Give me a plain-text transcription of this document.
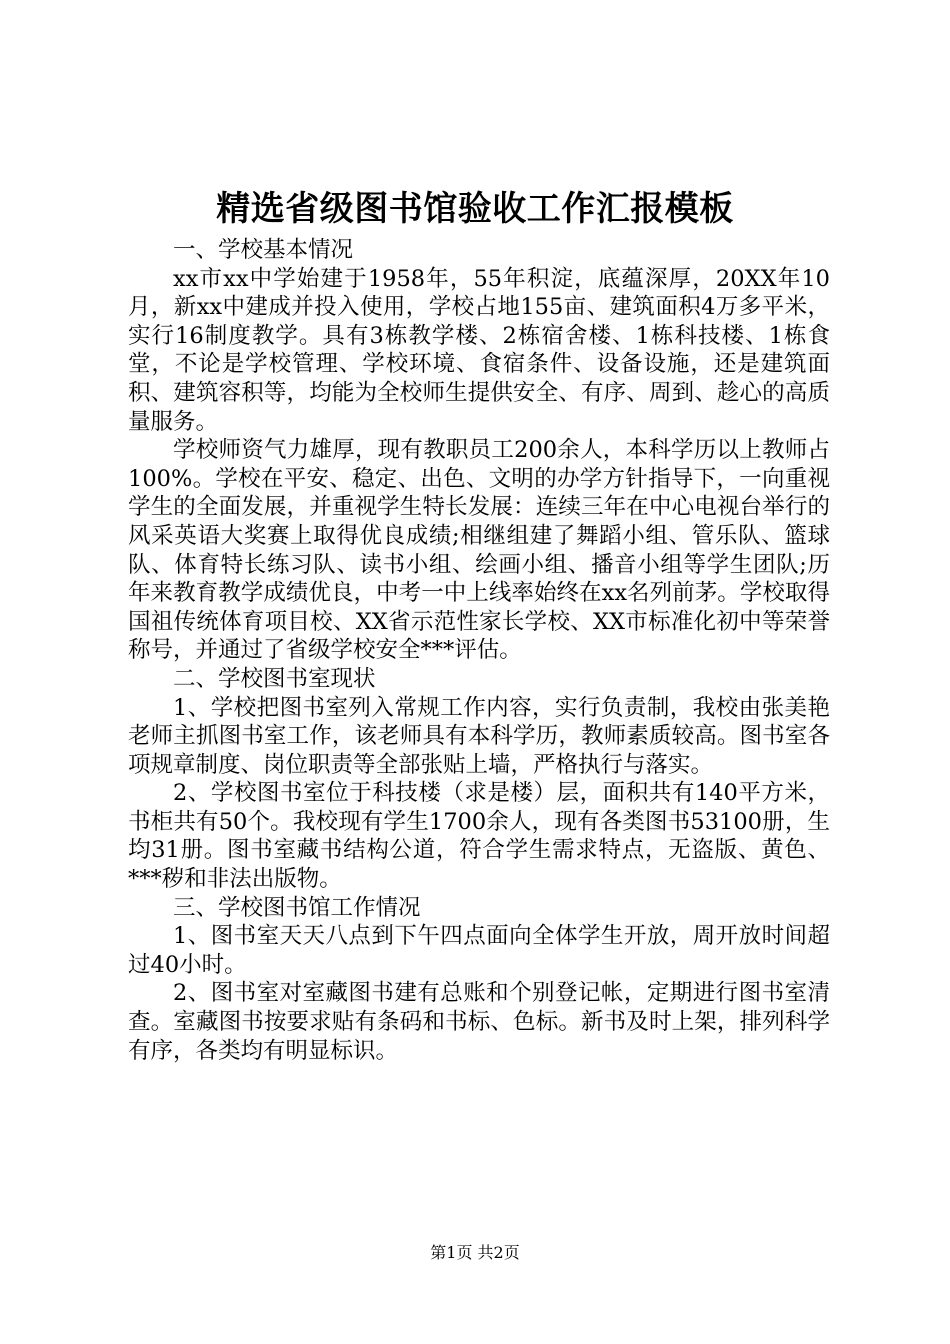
精选省级图书馆验收工作汇报模板

一、学校基本情况

xx市xx中学始建于1958年，55年积淀，底蕴深厚，20XX年10月，新xx中建成并投入使用，学校占地155亩、建筑面积4万多平米，实行16制度教学。具有3栋教学楼、2栋宿舍楼、1栋科技楼、1栋食堂，不论是学校管理、学校环境、食宿条件、设备设施，还是建筑面积、建筑容积等，均能为全校师生提供安全、有序、周到、趁心的高质量服务。

学校师资气力雄厚，现有教职员工200余人，本科学历以上教师占100%。学校在平安、稳定、出色、文明的办学方针指导下，一向重视学生的全面发展，并重视学生特长发展：连续三年在中心电视台举行的风采英语大奖赛上取得优良成绩;相继组建了舞蹈小组、管乐队、篮球队、体育特长练习队、读书小组、绘画小组、播音小组等学生团队;历年来教育教学成绩优良，中考一中上线率始终在xx名列前茅。学校取得国祖传统体育项目校、XX省示范性家长学校、XX市标准化初中等荣誉称号，并通过了省级学校安全***评估。

二、学校图书室现状

1、学校把图书室列入常规工作内容，实行负责制，我校由张美艳老师主抓图书室工作，该老师具有本科学历，教师素质较高。图书室各项规章制度、岗位职责等全部张贴上墙，严格执行与落实。

2、学校图书室位于科技楼（求是楼）层，面积共有140平方米，书柜共有50个。我校现有学生1700余人，现有各类图书53100册，生均31册。图书室藏书结构公道，符合学生需求特点，无盗版、黄色、***秽和非法出版物。

三、学校图书馆工作情况

1、图书室天天八点到下午四点面向全体学生开放，周开放时间超过40小时。

2、图书室对室藏图书建有总账和个别登记帐，定期进行图书室清查。室藏图书按要求贴有条码和书标、色标。新书及时上架，排列科学有序，各类均有明显标识。

第1页 共2页
